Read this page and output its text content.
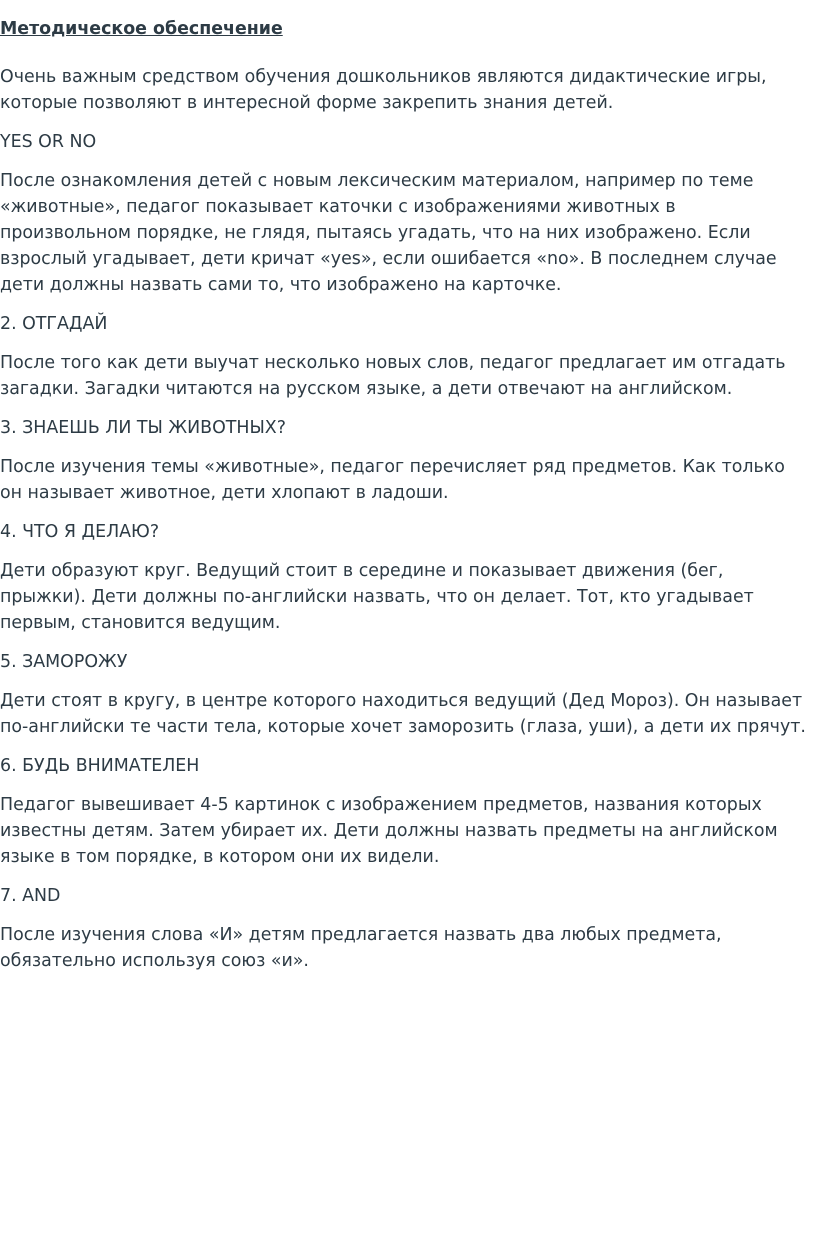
Методическое обеспечение

Очень важным средством обучения дошкольников являются дидактические игры, которые позволяют в интересной форме закрепить знания детей.

YES OR NO

После ознакомления детей с новым лексическим материалом, например по теме «животные», педагог показывает каточки с изображениями животных в произвольном порядке, не глядя, пытаясь угадать, что на них изображено. Если взрослый угадывает, дети кричат «yes», если ошибается «no». В последнем случае дети должны назвать сами то, что изображено на карточке.

2. ОТГАДАЙ

После того как дети выучат несколько новых слов, педагог предлагает им отгадать загадки. Загадки читаются на русском языке, а дети отвечают на английском.

3. ЗНАЕШЬ ЛИ ТЫ ЖИВОТНЫХ?

После изучения темы «животные», педагог перечисляет ряд предметов. Как только он называет животное, дети хлопают в ладоши.

4. ЧТО Я ДЕЛАЮ?

Дети образуют круг. Ведущий стоит в середине и показывает движения (бег, прыжки). Дети должны по-английски назвать, что он делает. Тот, кто угадывает первым, становится ведущим.

5. ЗАМОРОЖУ

Дети стоят в кругу, в центре которого находиться ведущий (Дед Мороз). Он называет по-английски те части тела, которые хочет заморозить (глаза, уши), а дети их прячут.

6. БУДЬ ВНИМАТЕЛЕН

Педагог вывешивает 4-5 картинок с изображением предметов, названия которых известны детям. Затем убирает их. Дети должны назвать предметы на английском языке в том порядке, в котором они их видели.

7. AND

После изучения слова «И» детям предлагается назвать два любых предмета, обязательно используя союз «и».
